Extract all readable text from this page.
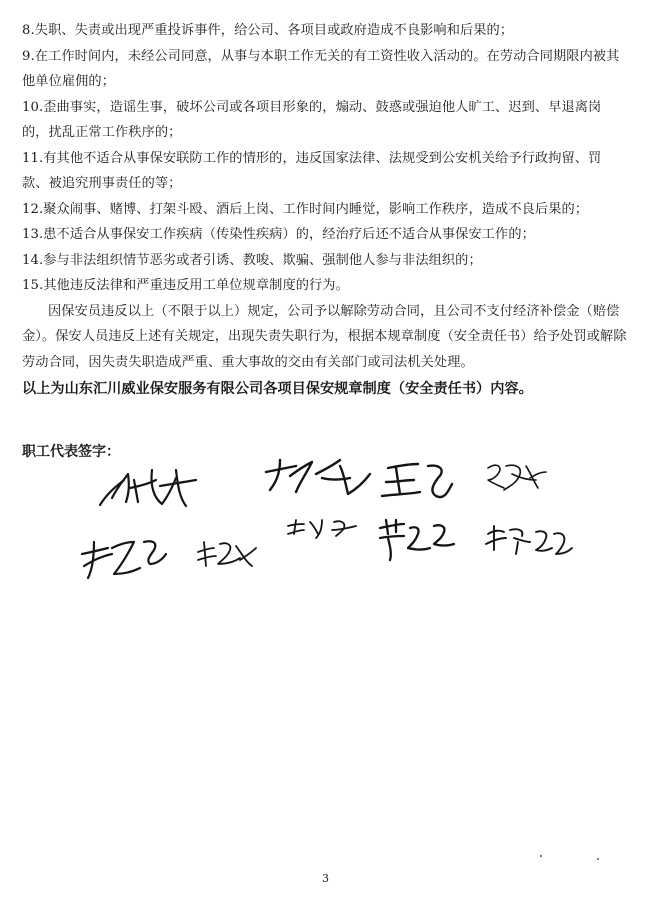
8.失职、失责或出现严重投诉事件，给公司、各项目或政府造成不良影响和后果的；
9.在工作时间内，未经公司同意，从事与本职工作无关的有工资性收入活动的。在劳动合同期限内被其他单位雇佣的；
10.歪曲事实，造谣生事，破坏公司或各项目形象的，煽动、鼓惑或强迫他人旷工、迟到、早退离岗的，扰乱正常工作秩序的；
11.有其他不适合从事保安联防工作的情形的，违反国家法律、法规受到公安机关给予行政拘留、罚款、被追究刑事责任的等；
12.聚众闹事、赌博、打架斗殴、酒后上岗、工作时间内睡觉，影响工作秩序，造成不良后果的；
13.患不适合从事保安工作疾病（传染性疾病）的，经治疗后还不适合从事保安工作的；
14.参与非法组织情节恶劣或者引诱、教唆、欺骗、强制他人参与非法组织的；
15.其他违反法律和严重违反用工单位规章制度的行为。
因保安员违反以上（不限于以上）规定，公司予以解除劳动合同，且公司不支付经济补偿金（赔偿金）。保安人员违反上述有关规定，出现失责失职行为，根据本规章制度（安全责任书）给予处罚或解除劳动合同，因失责失职造成严重、重大事故的交由有关部门或司法机关处理。
以上为山东汇川威业保安服务有限公司各项目保安规章制度（安全责任书）内容。
职工代表签字：
3
